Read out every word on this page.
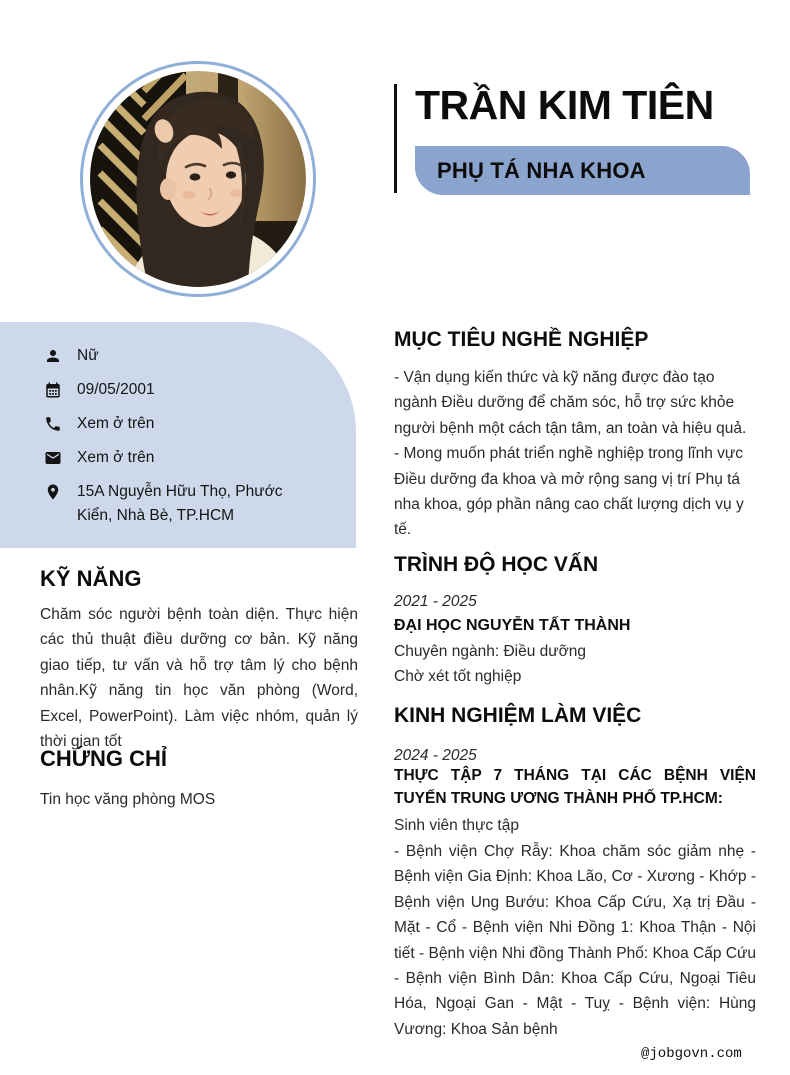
TRẦN KIM TIÊN
PHỤ TÁ NHA KHOA
Nữ
09/05/2001
Xem ở trên
Xem ở trên
15A Nguyễn Hữu Thọ, Phước Kiển, Nhà Bè, TP.HCM
KỸ NĂNG

Chăm sóc người bệnh toàn diện. Thực hiện các thủ thuật điều dưỡng cơ bản. Kỹ năng giao tiếp, tư vấn và hỗ trợ tâm lý cho bệnh nhân.Kỹ năng tin học văn phòng (Word, Excel, PowerPoint). Làm việc nhóm, quản lý thời gian tốt

CHỨNG CHỈ

Tin học văng phòng MOS

MỤC TIÊU NGHỀ NGHIỆP

- Vận dụng kiến thức và kỹ năng được đào tạo ngành Điều dưỡng để chăm sóc, hỗ trợ sức khỏe người bệnh một cách tận tâm, an toàn và hiệu quả.  - Mong muốn phát triển nghề nghiệp trong lĩnh vực Điều dưỡng đa khoa và mở rộng sang vị trí Phụ tá nha khoa, góp phần nâng cao chất lượng dịch vụ y tế.

TRÌNH ĐỘ HỌC VẤN

2021 - 2025

ĐẠI HỌC NGUYỄN TẤT THÀNH

Chuyên ngành: Điều dưỡng

Chờ xét tốt nghiệp

KINH NGHIỆM LÀM VIỆC

2024 - 2025

THỰC TẬP 7 THÁNG TẠI CÁC BỆNH VIỆN TUYẾN TRUNG ƯƠNG THÀNH PHỐ TP.HCM:

Sinh viên thực tập

- Bệnh viện Chợ Rẫy: Khoa chăm sóc giảm nhẹ - Bệnh viện Gia Định: Khoa Lão, Cơ - Xương - Khớp - Bệnh viện Ung Bướu: Khoa Cấp Cứu, Xạ trị Đầu - Mặt - Cổ - Bệnh viện Nhi Đồng 1: Khoa Thận - Nội tiết - Bệnh viện Nhi đồng Thành Phố: Khoa Cấp Cứu - Bệnh viện Bình Dân: Khoa Cấp Cứu, Ngoại Tiêu Hóa, Ngoại Gan - Mật - Tuỵ - Bệnh viện: Hùng Vương: Khoa Sản bệnh

@jobgovn.com
